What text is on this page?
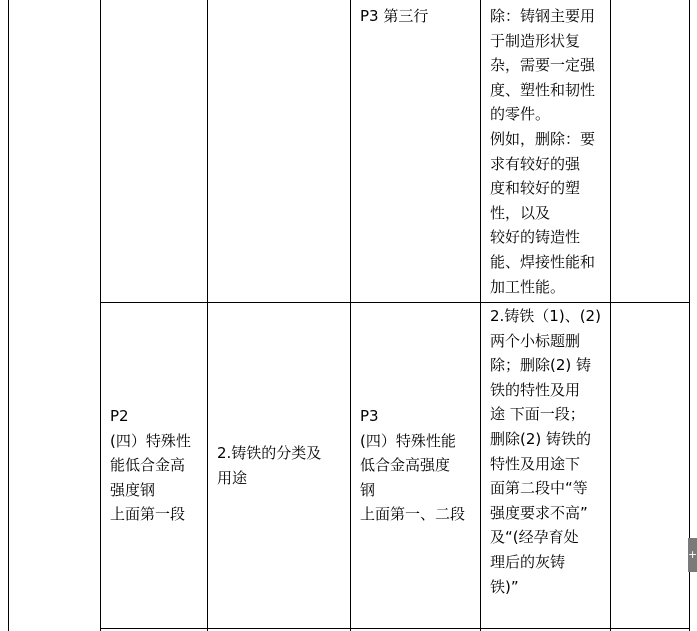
P3 第三行	除：铸钢主要用
于制造形状复
杂，需要一定强
度、塑性和韧性
的零件。
例如，删除：要
求有较好的强
度和较好的塑
性，以及
较好的铸造性
能、焊接性能和
加工性能。
P2
(四）特殊性
能低合金高
强度钢
上面第一段
2.铸铁的分类及
用途
P3
(四）特殊性能
低合金高强度
钢
上面第一、二段
2.铸铁（1)、(2)
两个小标题删
除；删除(2) 铸
铁的特性及用
途 下面一段；
删除(2) 铸铁的
特性及用途下
面第二段中“等
强度要求不高”
及“(经孕育处
理后的灰铸
铁)”
+
